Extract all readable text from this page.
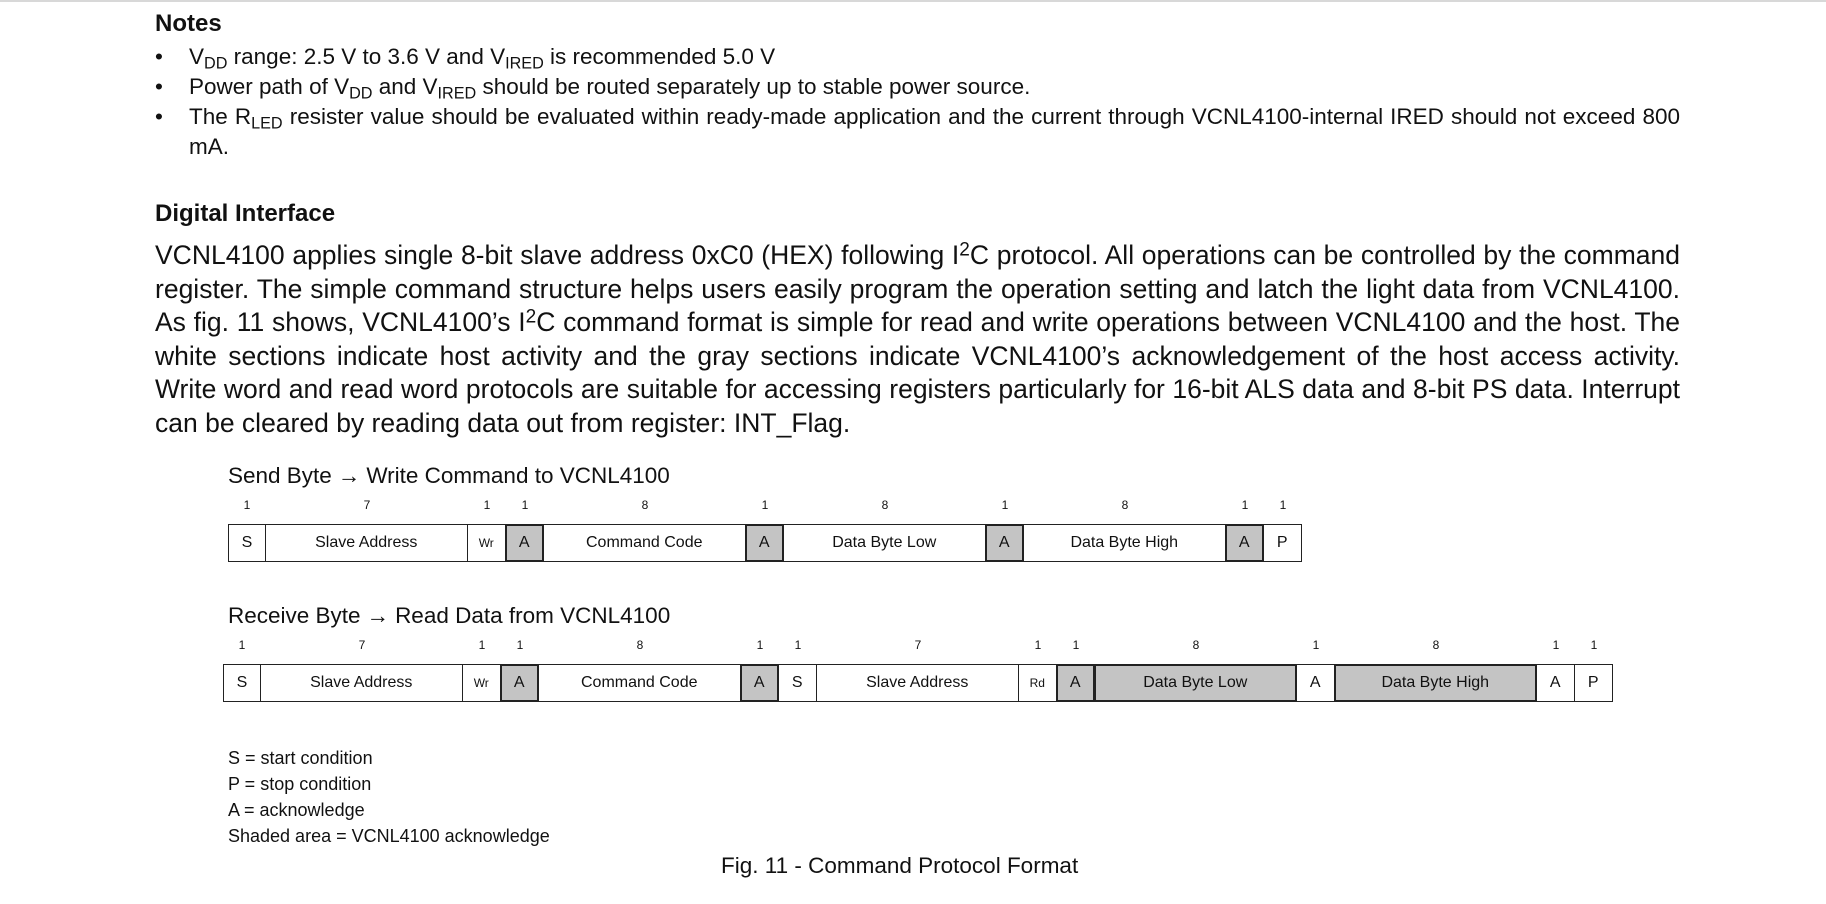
Notes
• $V_{DD}$ range: 2.5 V to 3.6 V and $V_{IRED}$ is recommended 5.0 V
• Power path of $V_{DD}$ and $V_{IRED}$ should be routed separately up to stable power source.
• The $R_{LED}$ resister value should be evaluated within ready-made application and the current through VCNL4100-internal IRED should not exceed 800 mA.
Digital Interface

VCNL4100 applies single 8-bit slave address 0xC0 (HEX) following $I^2C$ protocol. All operations can be controlled by the command register. The simple command structure helps users easily program the operation setting and latch the light data from VCNL4100. As fig. 11 shows, VCNL4100’s $I^2C$ command format is simple for read and write operations between VCNL4100 and the host. The white sections indicate host activity and the gray sections indicate VCNL4100’s acknowledgement of the host access activity. Write word and read word protocols are suitable for accessing registers particularly for 16-bit ALS data and 8-bit PS data. Interrupt can be cleared by reading data out from register: INT_Flag.

Send Byte → Write Command to VCNL4100
1	7	1	1	8	1	8	1	8	1	1
S	Slave Address	Wr	A	Command Code	A	Data Byte Low	A	Data Byte High	A	P
Receive Byte → Read Data from VCNL4100
1	7	1	1	8	1	1	7	1	1	8	1	8	1	1
S	Slave Address	Wr	A	Command Code	A	S	Slave Address	Rd	A	Data Byte Low	A	Data Byte High	A	P
S = start condition
P = stop condition
A = acknowledge
Shaded area = VCNL4100 acknowledge
Fig. 11 - Command Protocol Format
